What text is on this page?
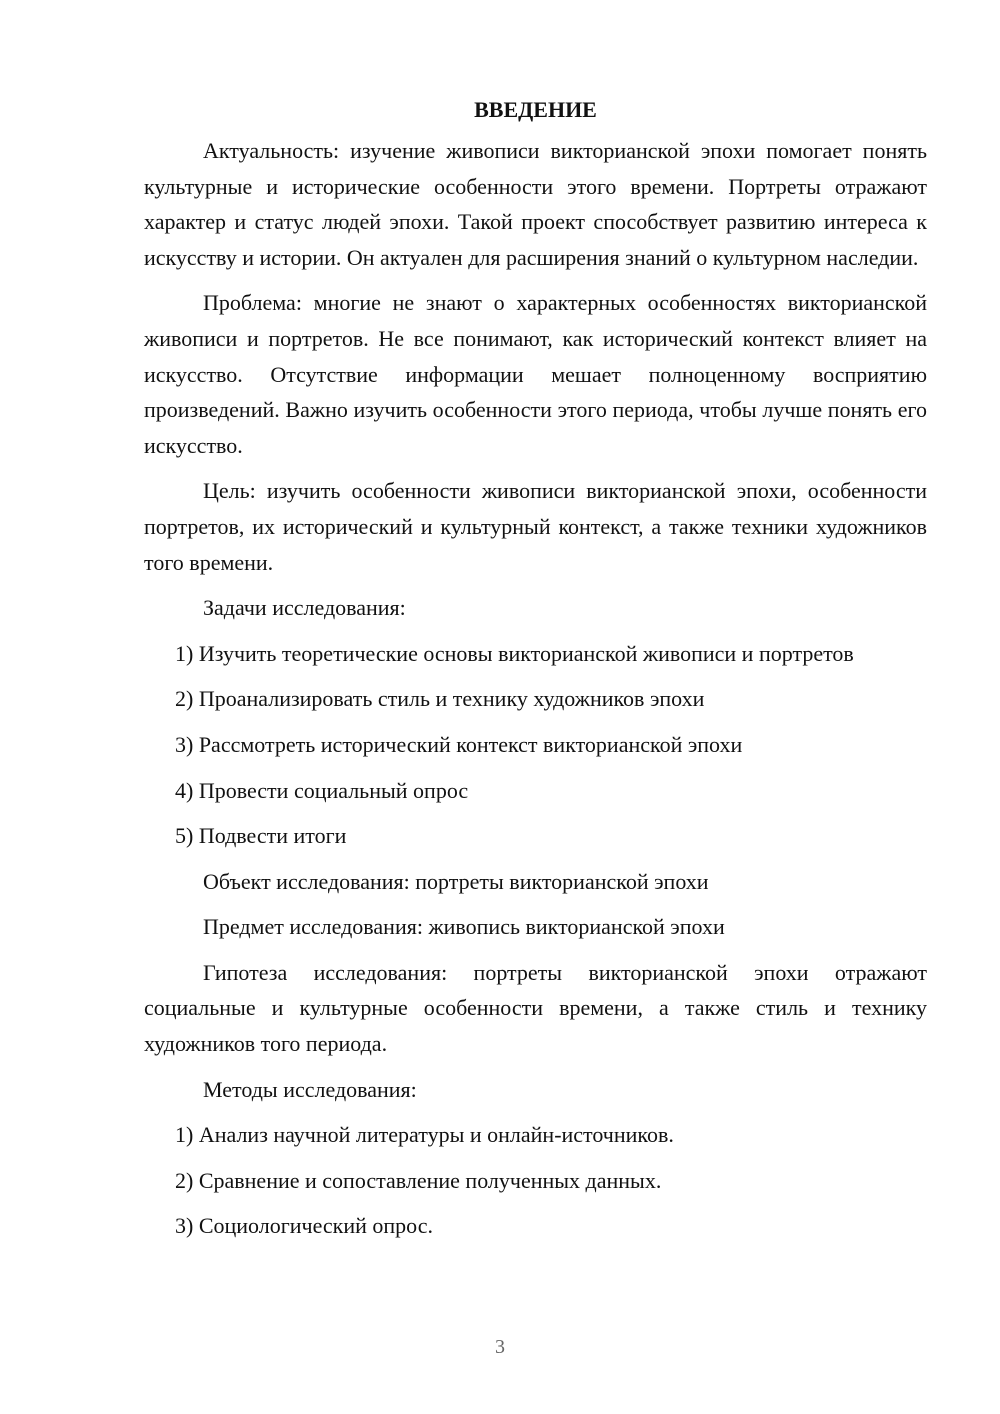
ВВЕДЕНИЕ

Актуальность: изучение живописи викторианской эпохи помогает понять культурные и исторические особенности этого времени. Портреты отражают характер и статус людей эпохи. Такой проект способствует развитию интереса к искусству и истории. Он актуален для расширения знаний о культурном наследии.

Проблема: многие не знают о характерных особенностях викторианской живописи и портретов. Не все понимают, как исторический контекст влияет на искусство. Отсутствие информации мешает полноценному восприятию произведений. Важно изучить особенности этого периода, чтобы лучше понять его искусство.

Цель: изучить особенности живописи викторианской эпохи, особенности портретов, их исторический и культурный контекст, а также техники художников того времени.

Задачи исследования:

1) Изучить теоретические основы викторианской живописи и портретов

2) Проанализировать стиль и технику художников эпохи

3) Рассмотреть исторический контекст викторианской эпохи

4) Провести социальный опрос

5) Подвести итоги

Объект исследования: портреты викторианской эпохи

Предмет исследования: живопись викторианской эпохи

Гипотеза исследования: портреты викторианской эпохи отражают социальные и культурные особенности времени, а также стиль и технику художников того периода.

Методы исследования:

1) Анализ научной литературы и онлайн-источников.

2) Сравнение и сопоставление полученных данных.

3) Социологический опрос.

3
